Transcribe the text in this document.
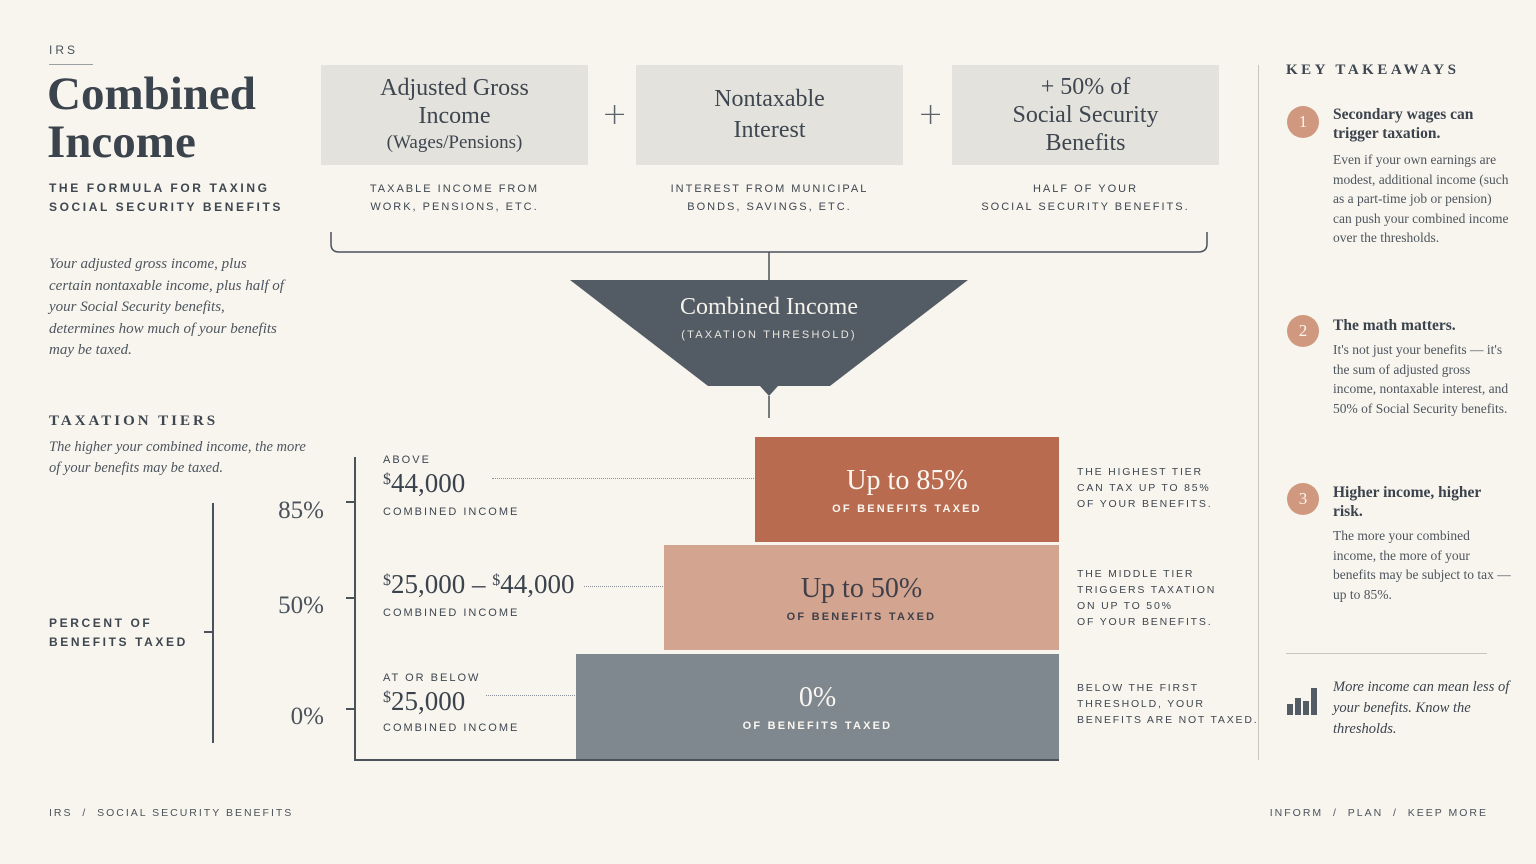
IRS
Combined
Income
THE FORMULA FOR TAXING SOCIAL SECURITY BENEFITS
Your adjusted gross income, plus certain nontaxable income, plus half of your Social Security benefits, determines how much of your benefits may be taxed.
TAXATION TIERS
The higher your combined income, the more of your benefits may be taxed.
PERCENT OF
BENEFITS TAXED
85%
50%
0%
Adjusted Gross
Income
(Wages/Pensions)
+	Nontaxable
Interest	+
+ 50% of
Social Security
Benefits
TAXABLE INCOME FROM
WORK, PENSIONS, ETC.
INTEREST FROM MUNICIPAL
BONDS, SAVINGS, ETC.
HALF OF YOUR
SOCIAL SECURITY BENEFITS.
Combined Income
(TAXATION THRESHOLD)
ABOVE
$44,000
COMBINED INCOME
$25,000 – $44,000
COMBINED INCOME
AT OR BELOW
$25,000
COMBINED INCOME
Up to 85%
OF BENEFITS TAXED
Up to 50%
OF BENEFITS TAXED
0%
OF BENEFITS TAXED
THE HIGHEST TIER
CAN TAX UP TO 85%
OF YOUR BENEFITS.
THE MIDDLE TIER
TRIGGERS TAXATION
ON UP TO 50%
OF YOUR BENEFITS.
BELOW THE FIRST
THRESHOLD, YOUR
BENEFITS ARE NOT TAXED.
KEY TAKEAWAYS
1	Secondary wages can trigger taxation.
Even if your own earnings are modest, additional income (such as a part-time job or pension) can push your combined income over the thresholds.
2	The math matters.
It's not just your benefits — it's the sum of adjusted gross income, nontaxable interest, and 50% of Social Security benefits.
3	Higher income, higher risk.
The more your combined income, the more of your benefits may be subject to tax — up to 85%.
More income can mean less of your benefits. Know the thresholds.
IRS  /  SOCIAL SECURITY BENEFITS	INFORM  /  PLAN  /  KEEP MORE
